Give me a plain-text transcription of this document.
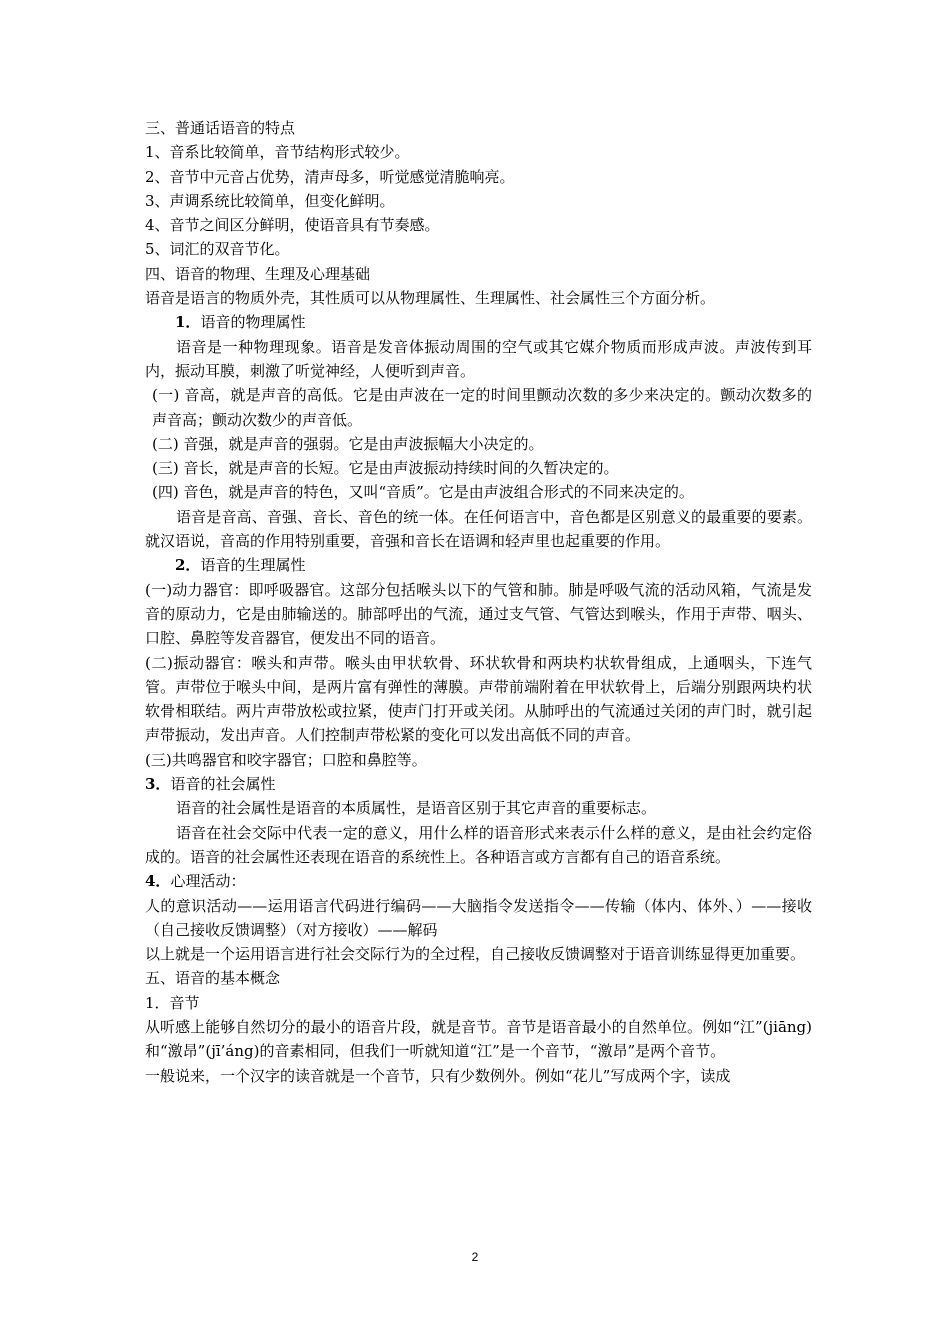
三、普通话语音的特点

1、音系比较简单，音节结构形式较少。

2、音节中元音占优势，清声母多，听觉感觉清脆响亮。

3、声调系统比较简单，但变化鲜明。

4、音节之间区分鲜明，使语音具有节奏感。

5、词汇的双音节化。

四、语音的物理、生理及心理基础

语音是语言的物质外壳，其性质可以从物理属性、生理属性、社会属性三个方面分析。

1．语音的物理属性

语音是一种物理现象。语音是发音体振动周围的空气或其它媒介物质而形成声波。声波传到耳内，振动耳膜，刺激了听觉神经，人便听到声音。

(一) 音高，就是声音的高低。它是由声波在一定的时间里颤动次数的多少来决定的。颤动次数多的声音高；颤动次数少的声音低。

(二) 音强，就是声音的强弱。它是由声波振幅大小决定的。

(三) 音长，就是声音的长短。它是由声波振动持续时间的久暂决定的。

(四) 音色，就是声音的特色，又叫“音质”。它是由声波组合形式的不同来决定的。

语音是音高、音强、音长、音色的统一体。在任何语言中，音色都是区别意义的最重要的要素。就汉语说，音高的作用特别重要，音强和音长在语调和轻声里也起重要的作用。

2．语音的生理属性

(一)动力器官：即呼吸器官。这部分包括喉头以下的气管和肺。肺是呼吸气流的活动风箱，气流是发音的原动力，它是由肺输送的。肺部呼出的气流，通过支气管、气管达到喉头，作用于声带、咽头、口腔、鼻腔等发音器官，便发出不同的语音。

(二)振动器官：喉头和声带。喉头由甲状软骨、环状软骨和两块杓状软骨组成，上通咽头，下连气管。声带位于喉头中间，是两片富有弹性的薄膜。声带前端附着在甲状软骨上，后端分别跟两块杓状软骨相联结。两片声带放松或拉紧，使声门打开或关闭。从肺呼出的气流通过关闭的声门时，就引起声带振动，发出声音。人们控制声带松紧的变化可以发出高低不同的声音。

(三)共鸣器官和咬字器官；口腔和鼻腔等。

3．语音的社会属性

语音的社会属性是语音的本质属性，是语音区别于其它声音的重要标志。

语音在社会交际中代表一定的意义，用什么样的语音形式来表示什么样的意义，是由社会约定俗成的。语音的社会属性还表现在语音的系统性上。各种语言或方言都有自己的语音系统。

4．心理活动：

人的意识活动——运用语言代码进行编码——大脑指令发送指令——传输（体内、体外、）——接收（自己接收反馈调整）（对方接收）——解码

以上就是一个运用语言进行社会交际行为的全过程，自己接收反馈调整对于语音训练显得更加重要。

五、语音的基本概念

1．音节

从听感上能够自然切分的最小的语音片段，就是音节。音节是语音最小的自然单位。例如“江”(jiāng)和“激昂”(jī’áng)的音素相同，但我们一听就知道“江”是一个音节，“激昂”是两个音节。

一般说来，一个汉字的读音就是一个音节，只有少数例外。例如“花儿”写成两个字，读成

2
